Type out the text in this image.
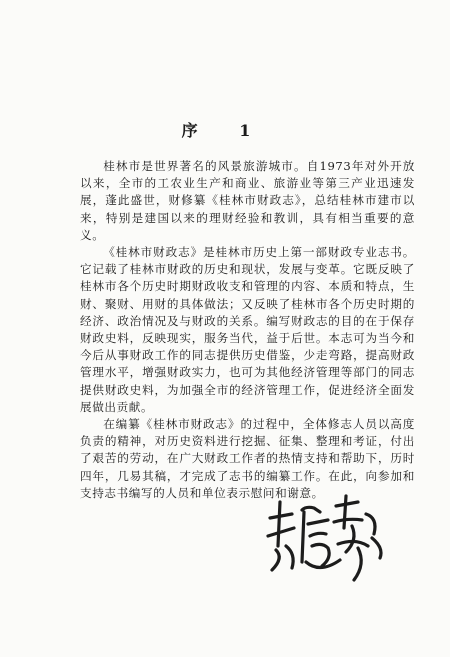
序 1

桂林市是世界著名的风景旅游城市。自1973年对外开放以来，全市的工农业生产和商业、旅游业等第三产业迅速发展，蓬此盛世，财修纂《桂林市财政志》，总结桂林市建市以来，特别是建国以来的理财经验和教训，具有相当重要的意义。

《桂林市财政志》是桂林市历史上第一部财政专业志书。它记载了桂林市财政的历史和现状，发展与变革。它既反映了桂林市各个历史时期财政收支和管理的内容、本质和特点，生财、聚财、用财的具体做法；又反映了桂林市各个历史时期的经济、政治情况及与财政的关系。编写财政志的目的在于保存财政史料，反映现实，服务当代，益于后世。本志可为当今和今后从事财政工作的同志提供历史借鉴，少走弯路，提高财政管理水平，增强财政实力，也可为其他经济管理等部门的同志提供财政史料，为加强全市的经济管理工作，促进经济全面发展做出贡献。

在编纂《桂林市财政志》的过程中，全体修志人员以高度负责的精神，对历史资料进行挖掘、征集、整理和考证，付出了艰苦的劳动，在广大财政工作者的热情支持和帮助下，历时四年，几易其稿，才完成了志书的编纂工作。在此，向参加和支持志书编写的人员和单位表示慰问和谢意。
